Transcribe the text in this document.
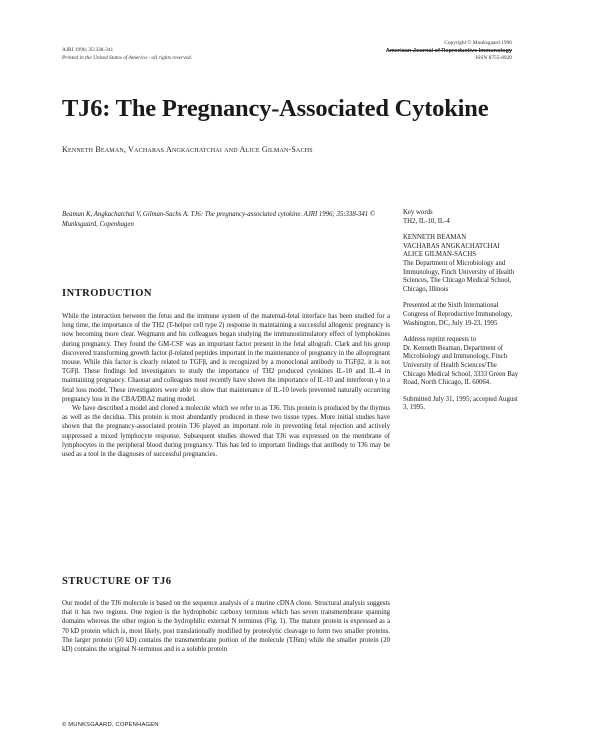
AJRI 1996; 35:338-341
Printed in the United States of America - all rights reserved.
Copyright © Munksgaard 1996
American Journal of Reproductive Immunology
ISSN 8755-8920
TJ6: The Pregnancy-Associated Cytokine
Kenneth Beaman, Vacharas Angkachatchai and Alice Gilman-Sachs
Beaman K, Angkachatchai V, Gilman-Sachs A. TJ6: The pregnancy-associated cytokine. AJRI 1996; 35:338-341 © Munksgaard, Copenhagen

Key words
TH2, IL-10, IL-4

KENNETH BEAMAN
VACHARAS ANGKACHATCHAI
ALICE GILMAN-SACHS
The Department of Microbiology and Immunology, Finch University of Health Sciences, The Chicago Medical School, Chicago, Illinois

Presented at the Sixth International Congress of Reproductive Immunology, Washington, DC, July 19-23, 1995

Address reprint requests to
Dr. Kenneth Beaman, Department of Microbiology and Immunology, Finch University of Health Sciences/The Chicago Medical School, 3333 Green Bay Road, North Chicago, IL 60064.

Submitted July 31, 1995; accepted August 3, 1995.

INTRODUCTION

While the interaction between the fetus and the immune system of the maternal-fetal interface has been studied for a long time, the importance of the TH2 (T-helper cell type 2) response in maintaining a successful allogenic pregnancy is now becoming more clear. Wegmann and his colleagues began studying the immunostimulatory effect of lymphokines during pregnancy. They found the GM-CSF was an important factor present in the fetal allograft. Clark and his group discovered transforming growth factor β-related peptides important in the maintenance of pregnancy in the allopregnant mouse. While this factor is clearly related to TGFβ, and is recognized by a monoclonal antibody to TGFβ2, it is not TGFβ. These findings led investigators to study the importance of TH2 produced cytokines IL-10 and IL-4 in maintaining pregnancy. Chaouat and colleagues most recently have shown the importance of IL-10 and interferon γ in a fetal loss model. These investigators were able to show that maintenance of IL-10 levels prevented naturally occurring pregnancy loss in the CBA/DBA2 mating model.

We have described a model and cloned a molecule which we refer to as TJ6. This protein is produced by the thymus as well as the decidua. This protein is most abundantly produced in these two tissue types. More initial studies have shown that the pregnancy-associated protein TJ6 played an important role in preventing fetal rejection and actively suppressed a mixed lymphocyte response. Subsequent studies showed that TJ6 was expressed on the membrane of lymphocytes in the peripheral blood during pregnancy. This has led to important findings that antibody to TJ6 may be used as a tool in the diagnoses of successful pregnancies.

STRUCTURE OF TJ6

Our model of the TJ6 molecule is based on the sequence analysis of a murine cDNA clone. Structural analysis suggests that it has two regions. One region is the hydrophobic carboxy terminus which has seven transmembrane spanning domains whereas the other region is the hydrophilic external N terminus (Fig. 1). The mature protein is expressed as a 70 kD protein which is, most likely, post translationally modified by proteolytic cleavage to form two smaller proteins. The larger protein (50 kD) contains the transmembrane portion of the molecule (TJ6m) while the smaller protein (20 kD) contains the original N-terminus and is a soluble protein

© MUNKSGAARD, COPENHAGEN
